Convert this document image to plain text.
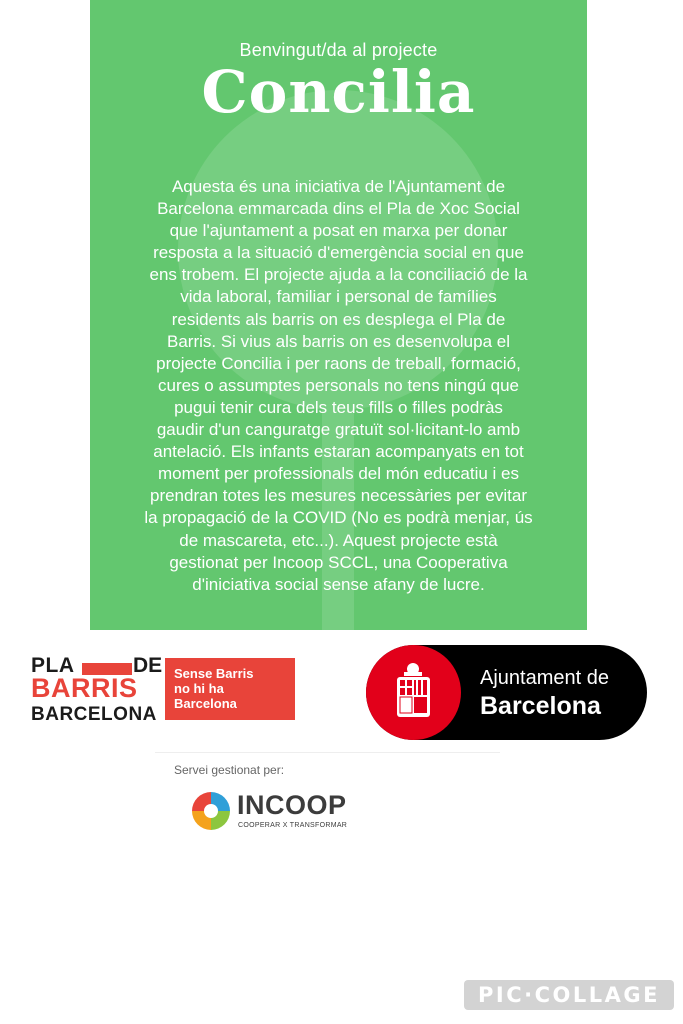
Benvingut/da al projecte
Concilia
Aquesta és una iniciativa de l'Ajuntament de
Barcelona emmarcada dins el Pla de Xoc Social
que l'ajuntament a posat en marxa per donar
resposta a la situació d'emergència social en que
ens trobem. El projecte ajuda a la conciliació de la
vida laboral, familiar i personal de famílies
residents als barris on es desplega el Pla de
Barris. Si vius als barris on es desenvolupa el
projecte Concilia i per raons de treball, formació,
cures o assumptes personals no tens ningú que
pugui tenir cura dels teus fills o filles podràs
gaudir d'un canguratge gratuït sol·licitant-lo amb
antelació. Els infants estaran acompanyats en tot
moment per professionals del món educatiu i es
prendran totes les mesures necessàries per evitar
la propagació de la COVID (No es podrà menjar, ús
de mascareta, etc...). Aquest projecte està
gestionat per Incoop SCCL, una Cooperativa
d'iniciativa social sense afany de lucre.
PLA	DE
BARRIS
BARCELONA
Sense Barris
no hi ha
Barcelona
Ajuntament de
Barcelona
Servei gestionat per:
INCOOP
COOPERAR X TRANSFORMAR
PIC·COLLAGE
